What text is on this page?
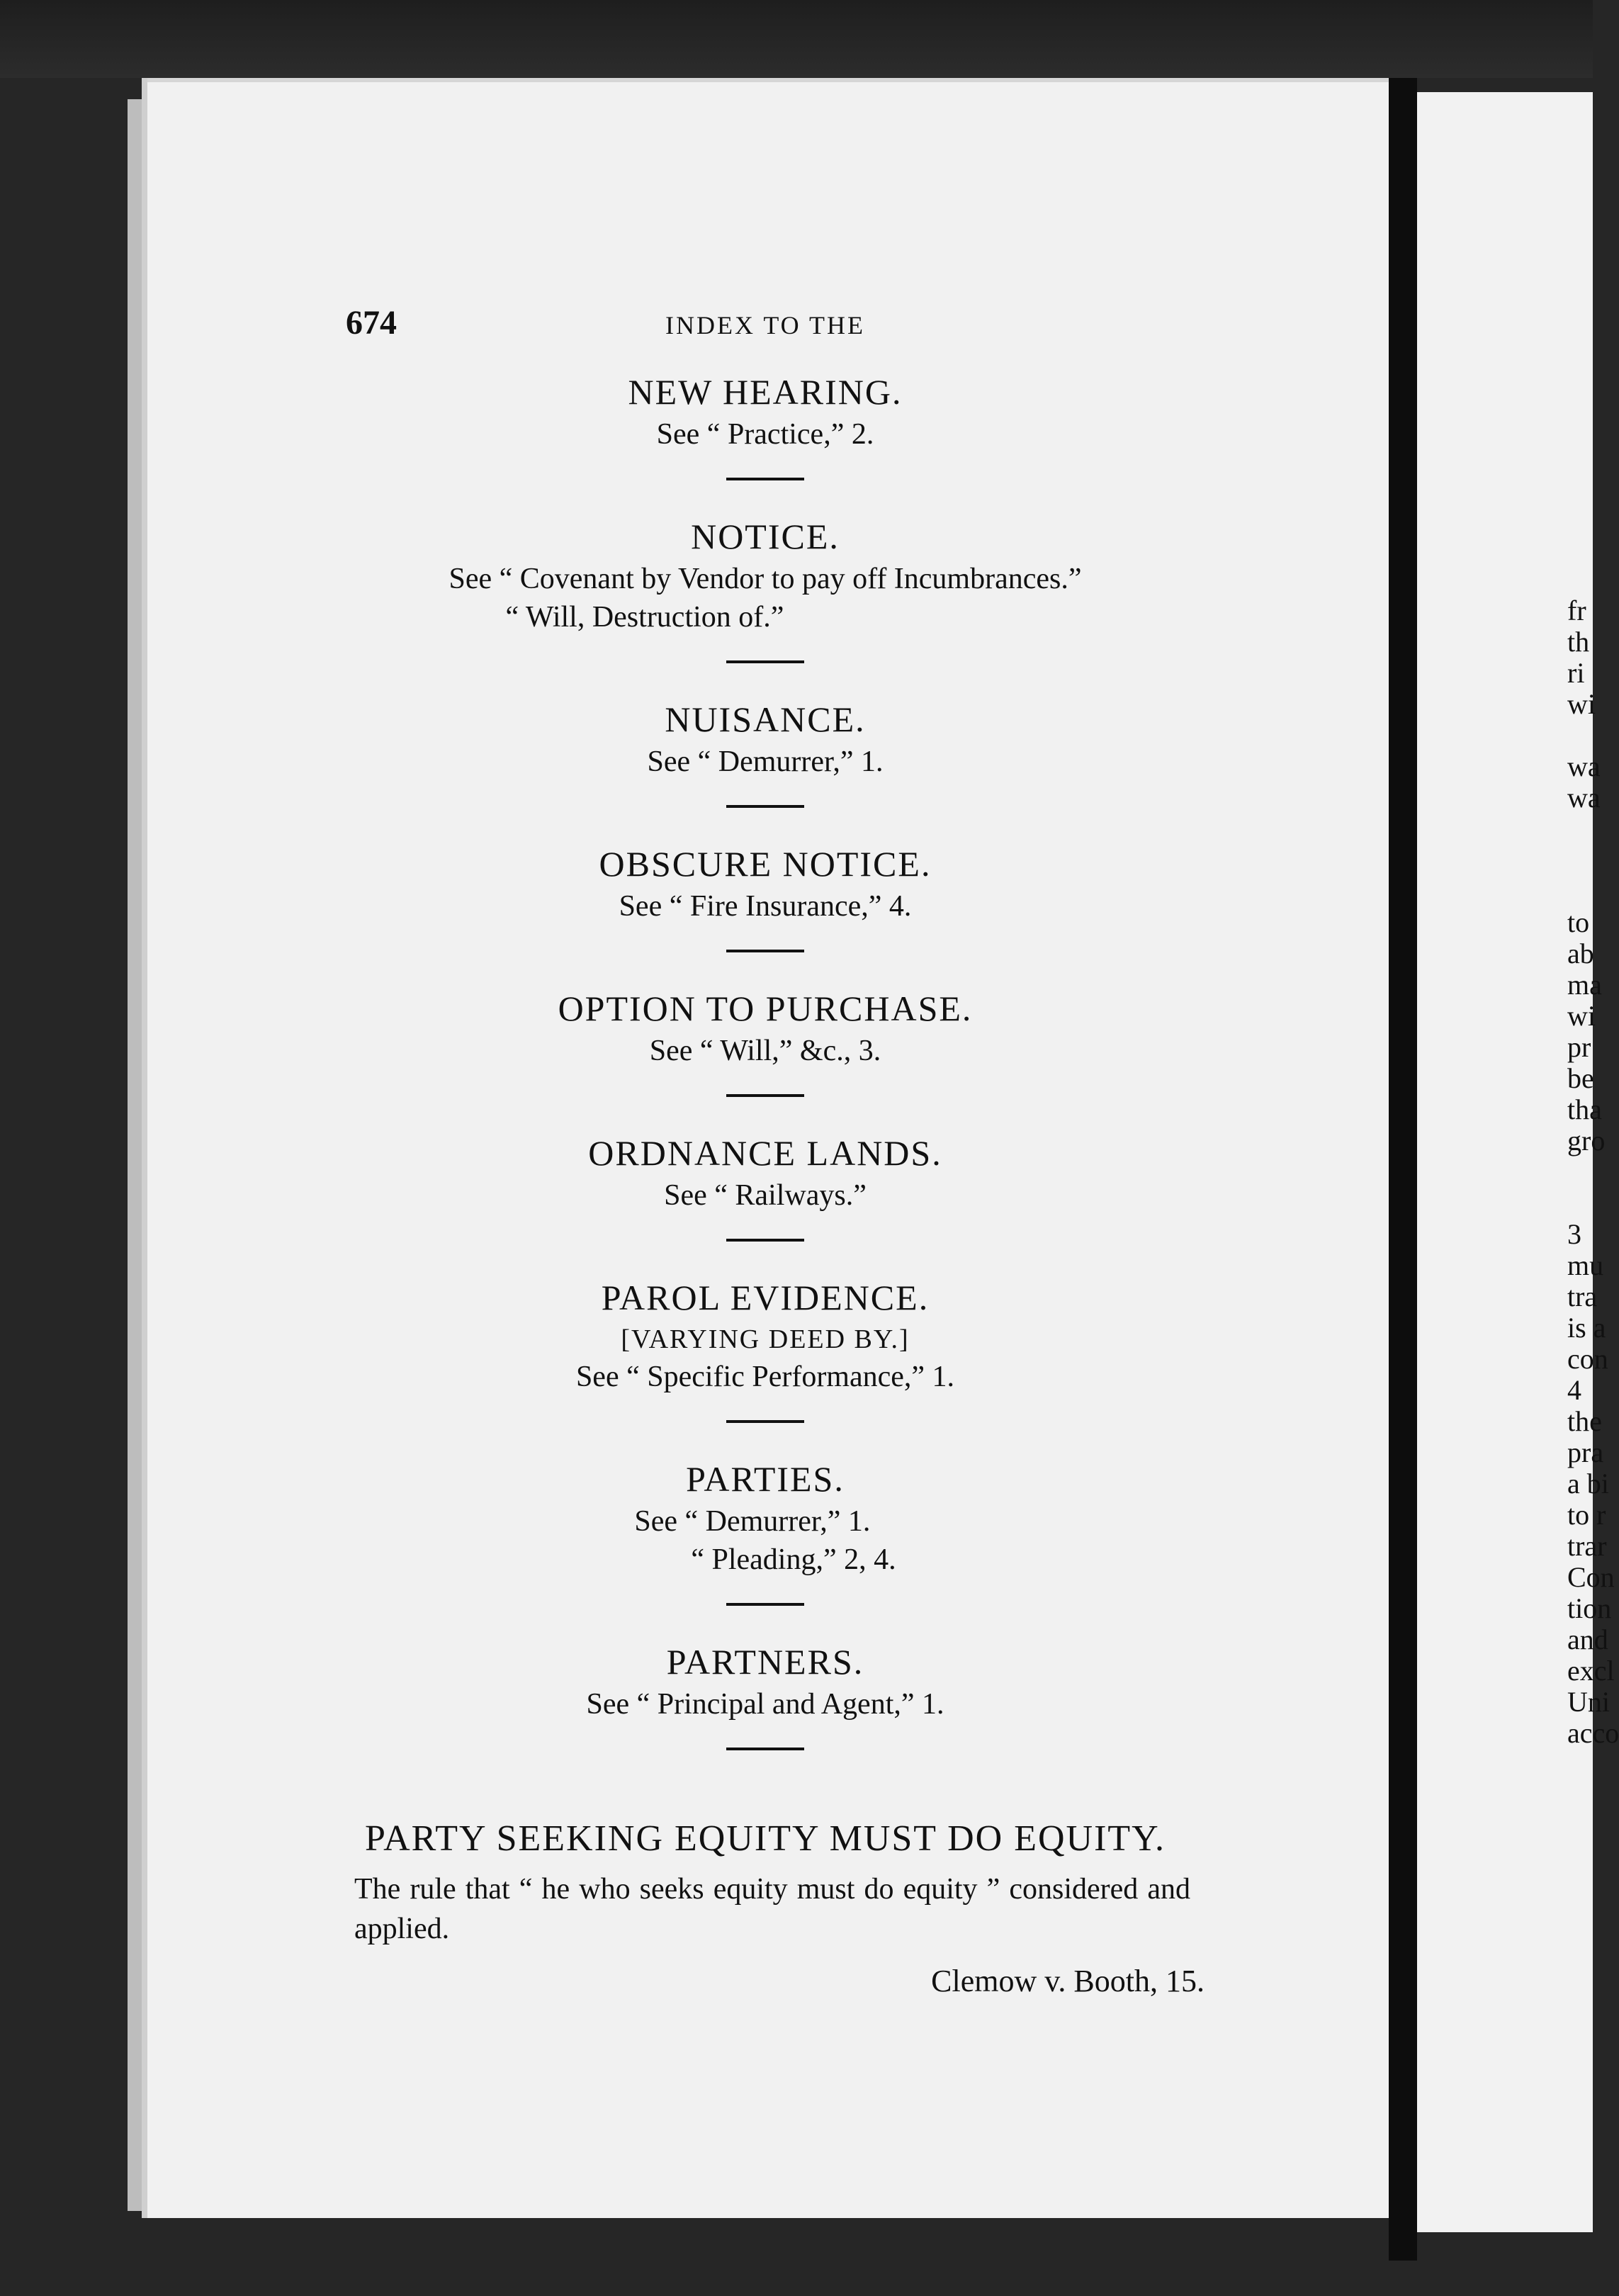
fr
th
ri
wi
wa
wa
to
ab
ma
wi
pr
be
tha
gro
3
mu
tra
is a
con
4
the
pra
a bi
to r
trar
Con
tion
and
excl
Uni
acco
674	INDEX TO THE

NEW HEARING.

See “ Practice,” 2.

NOTICE.

See “ Covenant by Vendor to pay off Incumbrances.”

“ Will, Destruction of.”

NUISANCE.

See “ Demurrer,” 1.

OBSCURE NOTICE.

See “ Fire Insurance,” 4.

OPTION TO PURCHASE.

See “ Will,” &c., 3.

ORDNANCE LANDS.

See “ Railways.”

PAROL EVIDENCE.

[VARYING DEED BY.]

See “ Specific Performance,” 1.

PARTIES.

See “ Demurrer,” 1.

“ Pleading,” 2, 4.

PARTNERS.

See “ Principal and Agent,” 1.

PARTY SEEKING EQUITY MUST DO EQUITY.

The rule that “ he who seeks equity must do equity ” considered and applied.

Clemow v. Booth, 15.
